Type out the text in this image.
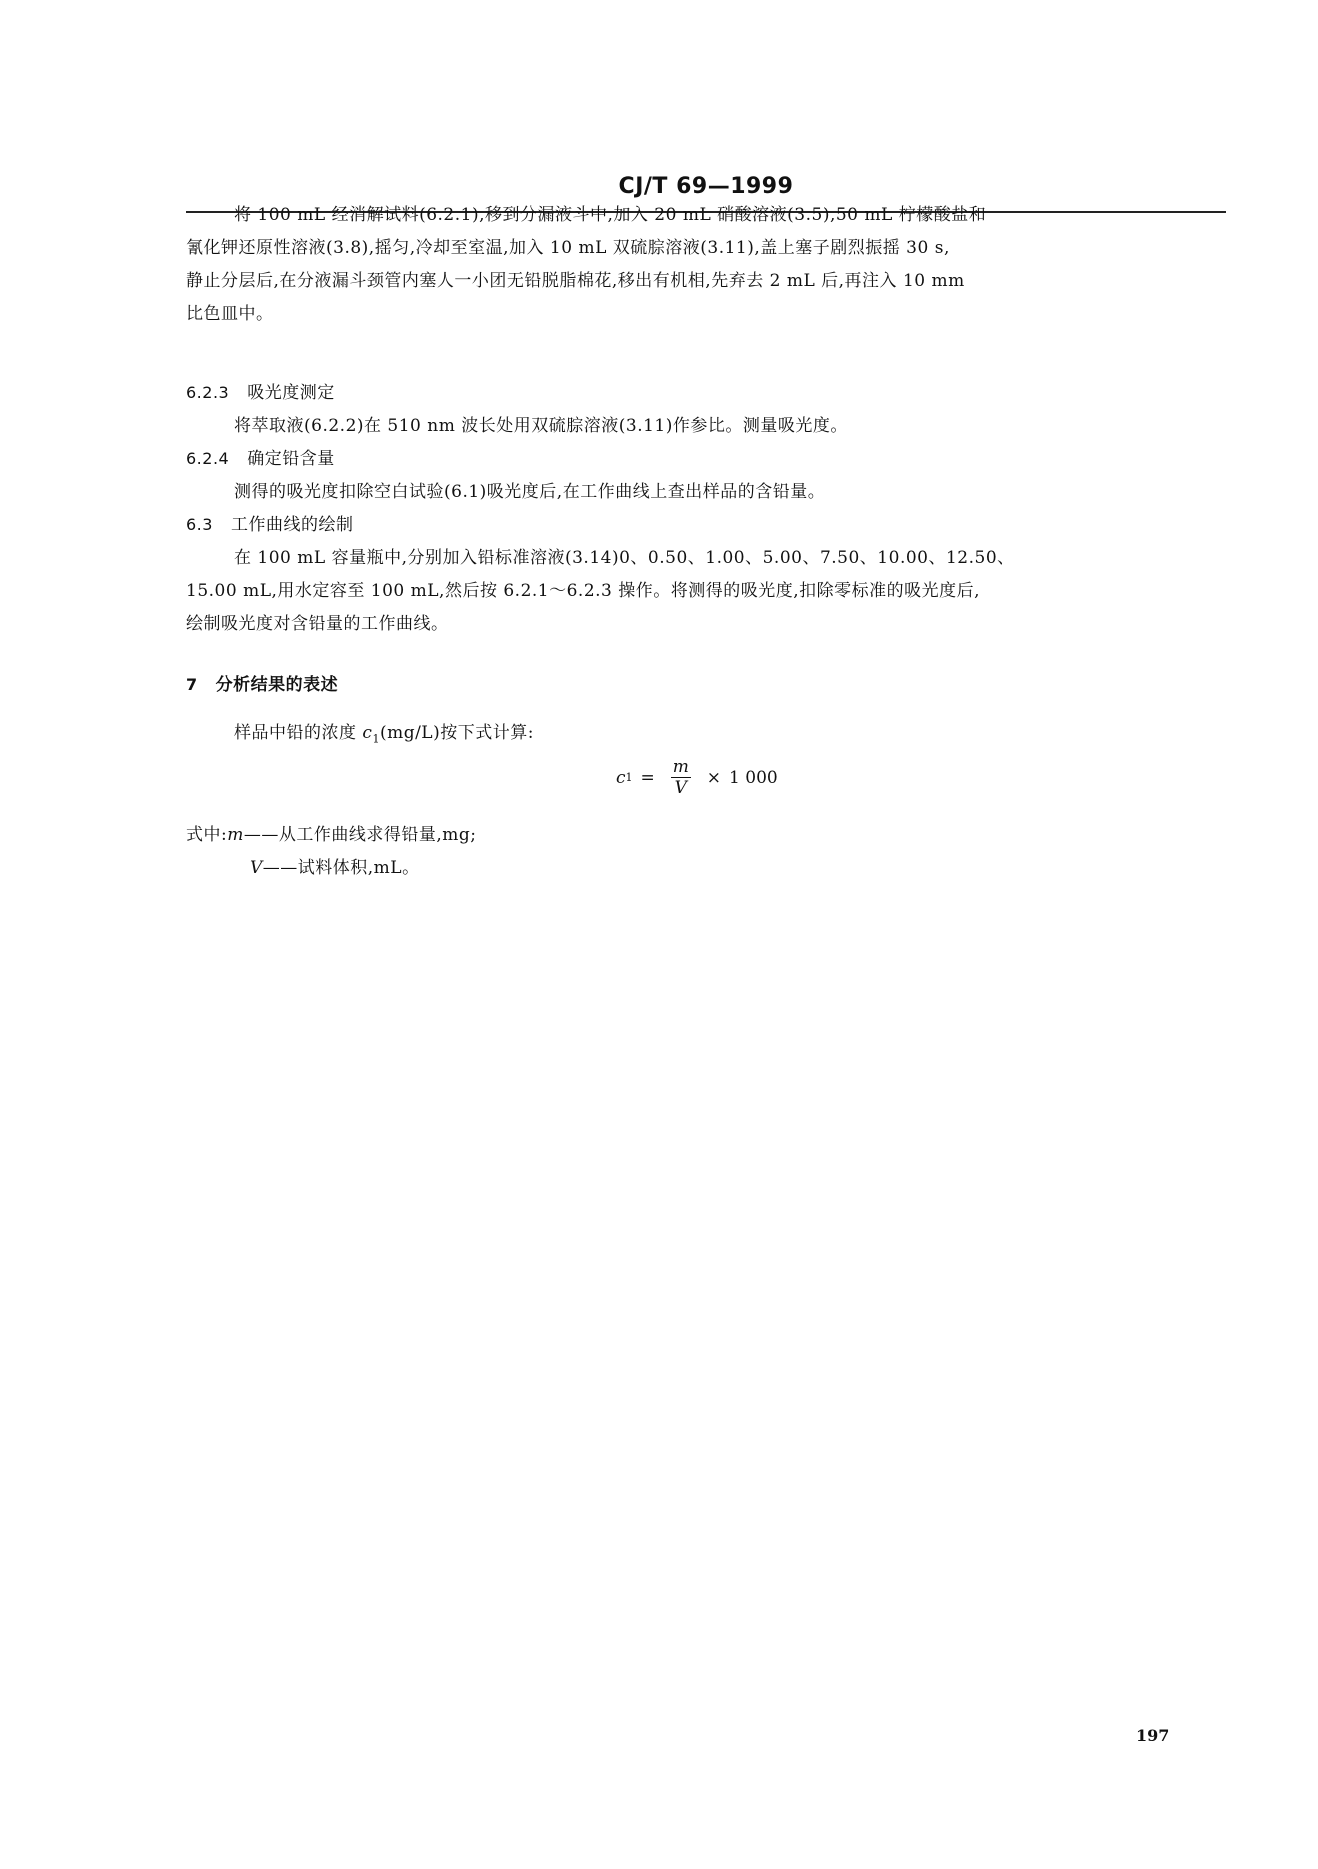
CJ/T 69—1999
将 100 mL 经消解试料(6.2.1),移到分漏液斗中,加入 20 mL 硝酸溶液(3.5),50 mL 柠檬酸盐和
氰化钾还原性溶液(3.8),摇匀,冷却至室温,加入 10 mL 双硫腙溶液(3.11),盖上塞子剧烈振摇 30 s,
静止分层后,在分液漏斗颈管内塞人一小团无铅脱脂棉花,移出有机相,先弃去 2 mL 后,再注入 10 mm
比色皿中。
6.2.3 吸光度测定
将萃取液(6.2.2)在 510 nm 波长处用双硫腙溶液(3.11)作参比。测量吸光度。
6.2.4 确定铅含量
测得的吸光度扣除空白试验(6.1)吸光度后,在工作曲线上查出样品的含铅量。
6.3 工作曲线的绘制
在 100 mL 容量瓶中,分别加入铅标准溶液(3.14)0、0.50、1.00、5.00、7.50、10.00、12.50、
15.00 mL,用水定容至 100 mL,然后按 6.2.1～6.2.3 操作。将测得的吸光度,扣除零标准的吸光度后,
绘制吸光度对含铅量的工作曲线。
7 分析结果的表述
样品中铅的浓度 $c_1(mg/L)$按下式计算:
c $1 = \frac{m}{V} \times 1$ 000
式中:m——从工作曲线求得铅量,mg;
V——试料体积,mL。
197
